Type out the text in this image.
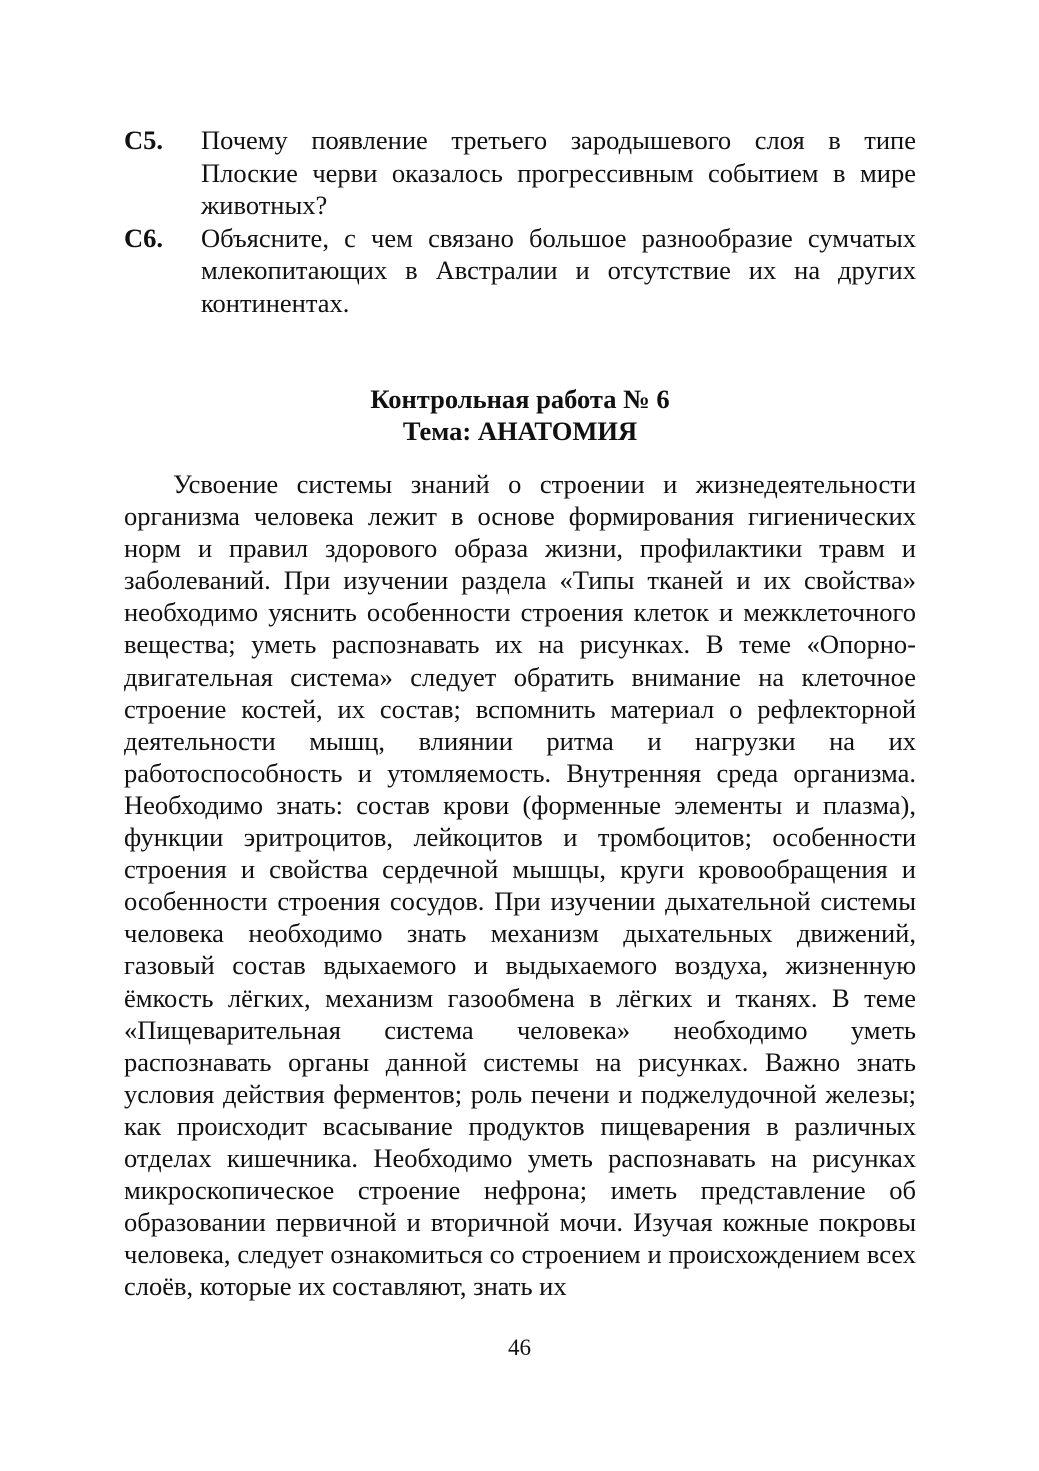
С5.	Почему появление третьего зародышевого слоя в типе Плоские черви оказалось прогрессивным событием в мире животных?
С6.	Объясните, с чем связано большое разнообразие сумчатых млекопитающих в Австралии и отсутствие их на других континентах.
Контрольная работа № 6
Тема: АНАТОМИЯ

Усвоение системы знаний о строении и жизнедеятельности организма человека лежит в основе формирования гигиенических норм и правил здорового образа жизни, профилактики травм и заболеваний. При изучении раздела «Типы тканей и их свойства» необходимо уяснить особенности строения клеток и межклеточного вещества; уметь распознавать их на рисунках. В теме «Опорно-двигательная система» следует обратить внимание на клеточное строение костей, их состав; вспомнить материал о рефлекторной деятельности мышц, влиянии ритма и нагрузки на их работоспособность и утомляемость. Внутренняя среда организма. Необходимо знать: состав крови (форменные элементы и плазма), функции эритроцитов, лейкоцитов и тромбоцитов; особенности строения и свойства сердечной мышцы, круги кровообращения и особенности строения сосудов. При изучении дыхательной системы человека необходимо знать механизм дыхательных движений, газовый состав вдыхаемого и выдыхаемого воздуха, жизненную ёмкость лёгких, механизм газообмена в лёгких и тканях. В теме «Пищеварительная система человека» необходимо уметь распознавать органы данной системы на рисунках. Важно знать условия действия ферментов; роль печени и поджелудочной железы; как происходит всасывание продуктов пищеварения в различных отделах кишечника. Необходимо уметь распознавать на рисунках микроскопическое строение нефрона; иметь представление об образовании первичной и вторичной мочи. Изучая кожные покровы человека, следует ознакомиться со строением и происхождением всех слоёв, которые их составляют, знать их

46
